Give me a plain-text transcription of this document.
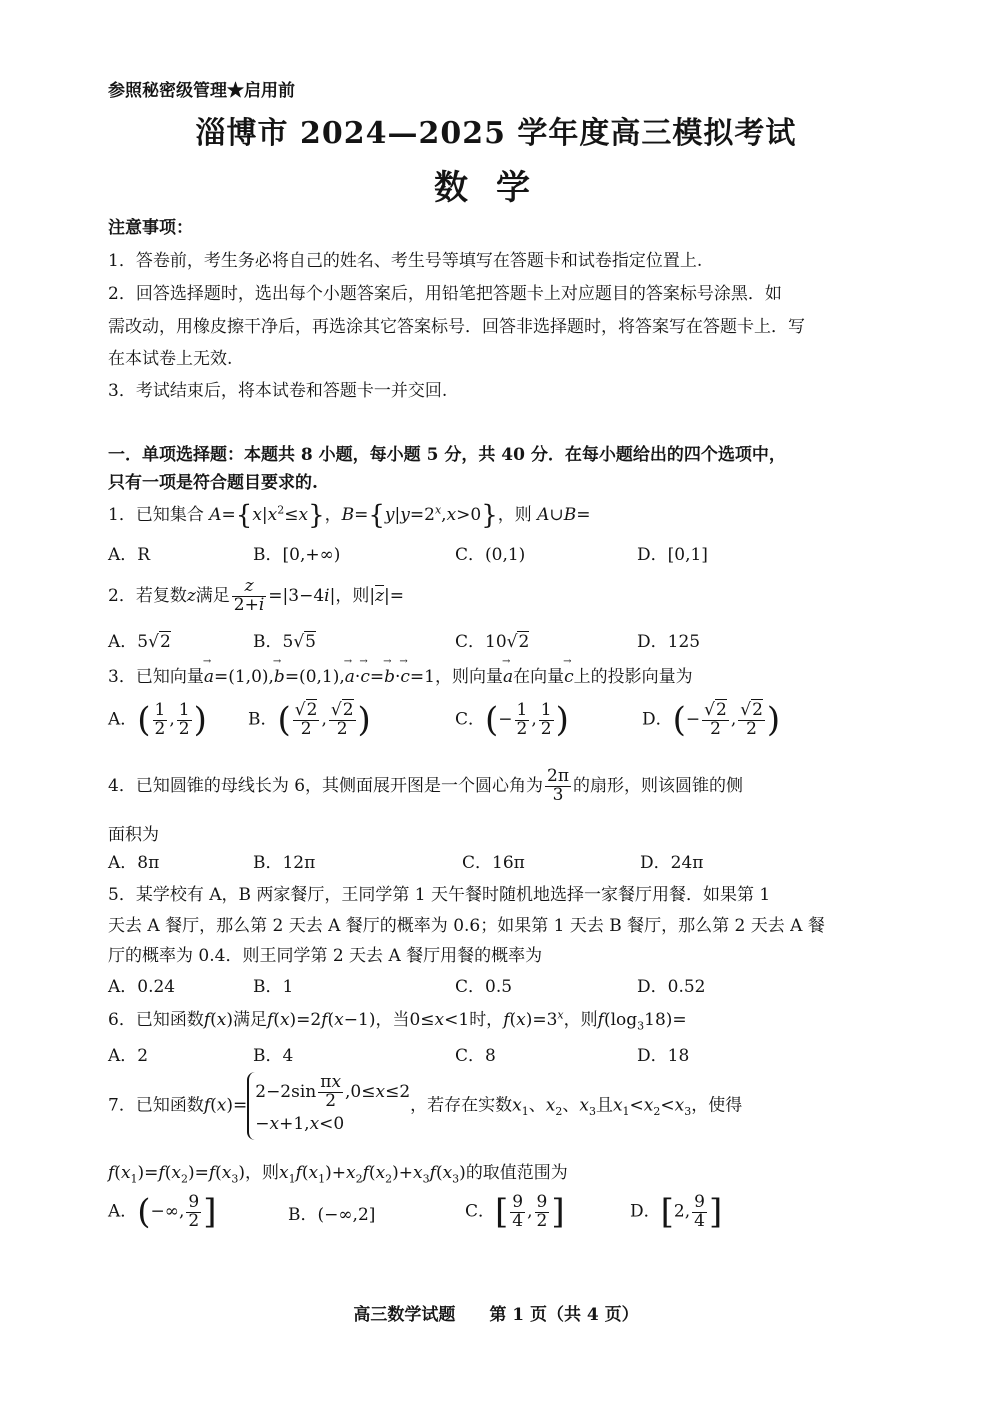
参照秘密级管理★启用前
淄博市 2024—2025 学年度高三模拟考试
数学
注意事项：
1．答卷前，考生务必将自己的姓名、考生号等填写在答题卡和试卷指定位置上.
2．回答选择题时，选出每个小题答案后，用铅笔把答题卡上对应题目的答案标号涂黑．如
需改动，用橡皮擦干净后，再选涂其它答案标号．回答非选择题时，将答案写在答题卡上．写
在本试卷上无效.
3．考试结束后，将本试卷和答题卡一并交回.
一．单项选择题：本题共 8 小题，每小题 5 分，共 40 分．在每小题给出的四个选项中，
只有一项是符合题目要求的.
1．已知集合 $A=\{x|x^2\le x\}$，$B=\{y|y=2^x,x>0\}$，则 A∪B=
A．R	B．[0,+∞)	C．(0,1)	D．[0,1]
2．若复数z满足 $\frac{z}{2+i} =|3-4i|$，则$|\overline{z}|=$
A．5√2	B．5√5	C．10√2	D．125
3．已知向量→ a=(1,0),→ b=(0,1),→ a·→ c=→ b·→ c=1，则向量→ a在向量→ c上的投影向量为
A．( $\frac{1}{2}$ , $\frac{1}{2}$ ) B．( $\frac{√2}{2}$ , $\frac{√2}{2}$ )	C．(− $\frac{1}{2}$ , $\frac{1}{2}$ )	D．(− $\frac{√2}{2}$ , $\frac{√2}{2}$ )
4．已知圆锥的母线长为 6，其侧面展开图是一个圆心角为 $\frac{2\pi}{3}$ 的扇形，则该圆锥的侧
面积为
A．8π	B．12π	C．16π	D．24π
5．某学校有 A，B 两家餐厅，王同学第 1 天午餐时随机地选择一家餐厅用餐．如果第 1
天去 A 餐厅，那么第 2 天去 A 餐厅的概率为 0.6；如果第 1 天去 B 餐厅，那么第 2 天去 A 餐
厅的概率为 0.4．则王同学第 2 天去 A 餐厅用餐的概率为
A．0.24	B．1	C．0.5	D．0.52
6．已知函数f(x)满足f(x)=2f(x−1)，当0≤x<1时，$f(x)=3^x$，则$f(\log_318)=$
A．2	B．4	C．8	D．18
7．已知函数f(x)=
$2-2\sin \frac{\pi x}{2} ,0\le x\le 2$
−x+1,x<0
，若存在实数$x_1$、$x_2$、$x_3$且$x_1<x_2<x_3$，使得
$f(x_1)=f(x_2)=f(x_3)$，则$x_1f(x_1)+x_2f(x_2)+x_3f(x_3)$的取值范围为
A．(−∞, $\frac{9}{2}$ ]	B．(−∞,2]	C．[ $\frac{9}{4}$ , $\frac{9}{2}$ ]	D．[2, $\frac{9}{4}$ ]
高三数学试题　　第 1 页（共 4 页）
